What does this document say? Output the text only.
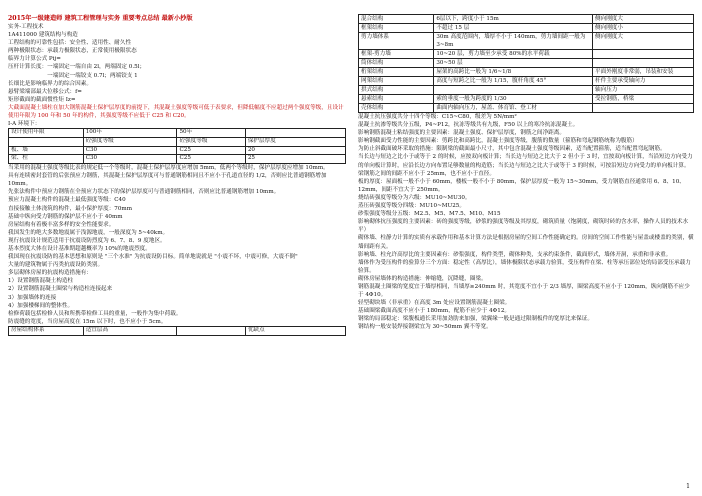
2015年一级建造师 建筑工程管理与实务 重要考点总结 最新小抄版

实务-工程技术

1A411000 建筑结构与构造

工程结构的可靠性包括：安全性、适用性、耐久性

两种极限状态：承载力极限状态，正常使用极限状态

临界力计算公式 Pij=

压杆计算长度：一端固定一端自由 2l，两端固定 0.5l；

　　　　　　　一端固定一端铰支 0.7l；两端铰支 1

长细比是影响临界力的综合因素。

悬臂梁端部最大位移公式：f=

矩形截面的截面惯性矩 Iz=

大截面混凝土墙柱在加大钢筋混凝土保护层厚度的前提下，其混凝土强度等级可低于表要求，但降低幅度不应超过两个强度等级，且设计使用年限为 100 年和 50 年的构件，其强度等级不应低于 C25 和 C20。

I-A 环境下：

设计使用年限	100年	50年	
	砼强度等级	砼强度等级	保护层厚度
板、墙	C30	C25	20
梁、柱	C30	C25	25

当采用的混凝土强度等级比表的规定低一个等级时，混凝土保护层厚度应增加 5mm，低两个等级时，保护层厚度应增加 10mm。

具有连续密封套管的后张预应力钢筋，其混凝土保护层厚度可与普通钢筋相同且不应小于孔道直径的 1/2，否则应比普通钢筋增加 10mm。

先张法构件中预应力钢筋在全预应力状态下的保护层厚度可与普通钢筋相同，否则应比普通钢筋增加 10mm。

预应力混凝土构件的混凝土最低强度等级：C40

直接接触土体浇筑的构件，最小保护厚度：70mm

基础中纵向受力钢筋的保护层不应小于 40mm

房屋结构有着极丰富多样的安全性能要求。

我国发生的绝大多数地震属于浅源地震，一般深度为 5~40km。

现行抗震设计规范适用于抗震设防烈度为 6、7、8、9 度地区。

基本烈度大体在设计基准期超越概率为 10%的地震烈度。

我国现在抗震设防的基本思想和原则是 "三个水准" 为抗震设防目标。简单地说就是 "小震不坏，中震可修，大震不倒"

大量的建筑物属于丙类抗震设防类别。

多层砌体房屋的抗震构造措施有：

1）设置钢筋混凝土构造柱

2）设置钢筋混凝土圈梁与构造柱连接起来

3）加强墙体的连接

4）加强楼梯间的整体性。

检修荷载包括检修人员和所携带检修工具的重量，一般作为集中荷载。

防震缝的宽度，当房屋高度在 15m 以下时，也不应小于 5cm。

房屋结构体系	适宜层高		优缺点
混合结构	6层以下，跨度小于 15m	侧向刚度大
框架结构	不超过 15 层	侧向刚度小
剪力墙体系	30m 高度范围内，墙厚不小于 140mm，剪力墙间距一般为 3~8m	侧向刚度大
框架-剪力墙	10~20 层，剪力墙至少承受 80%的水平荷载	
筒体结构	30~50 层	
桁架结构	屋架的高跨比一般为 1/6~1/8	平面外刚度非常弱，吊装和安装
网架结构	高度与短跨之比一般为 1/15，腹杆角度 45°	杆件主要承受轴向力
拱式结构		轴向压力
悬索结构	索的垂度一般为跨度的 1/30	受拉钢筋，桥梁
壳体结构	曲面内轴向压力，屋盖、体育馆、登工材	

混凝土抗压强度共分十四个等级：C15~C80，级差为 5N/mm²

混凝土抗渗等级共分五级，P4~P12，抗冻等级共有九级，F50 以上的寒冷抗冻混凝土。

影响钢筋混凝土粘结强度的主要因素：混凝土强度、保护层厚度，钢筋之间净距离。

影响钢截面受力性能的主要因素：剪跨比和高跨比，混凝土强度等级，腹筋的数量（箍筋和弯起钢筋统称为腹筋）

为防止斜截面破坏采取的措施：限制梁的截面最小尺寸，其中包含混凝土强度等级因素，适当配置箍筋，适当配置弯起钢筋。

当长边与短边之比小于或等于 2 的时候，应按双向板计算；当长边与短边之比大于 2 但小于 3 时，宜按双向板计算，当沿短边方向受力的单向板计算时，应沿长边方向布置足够数量的构造筋；当长边与短边之比大于或等于 3 的时候，可按沿短边方向受力的单向板计算。

梁钢筋之间的间距不应小于 25mm，也不应小于直径。

板的厚度：屋面板一般不小于 60mm，楼板一般不小于 80mm，保护层厚度一般为 15~30mm，受力钢筋直径通常用 6、8、10、12mm，间距不宜大于 250mm。

烧结砖强度等级分为六级：MU10~MU30。

蒸压砖强度等级分四级：MU10~MU25。

砂浆强度等级分五级：M2.5、M5、M7.5、M10、M15

影响砌体抗压强度的主要因素：砖的强度等级，砂浆的强度等级及其厚度，砌筑质量（饱满度，砌筑时砖的含水率，操作人员的技术水平）

砌体墙、柱静力计算的实质有承载作用和基本计算方法是根据房屋的空间工作性能确定的。房间的空间工作性能与屋盖或楼盖的类别，横墙间距有关。

影响墙、柱允许高厚比的主要因素有：砂浆强度，构件类型，砌体种类，支承约束条件，截面形式，墙体开洞，承重和非承重。

墙体作为受压构件的验算分三个方面：稳定性（高厚比），墙体极限状态承载力验算，受压构件在梁、柱等承压部位处的局部受压承载力验算。

砌体房屋墙体的构造措施：伸缩缝，沉降缝，圈梁。

钢筋混凝土圈梁的宽度宜于墙厚相同，当墙厚≥240mm 时，其宽度不宜小于 2/3 墙厚，圈梁高度不应小于 120mm，纵向钢筋不应少于 4Φ10。

轻型砌块墙（非承重）在高度 3m 处应设置钢筋混凝土圈梁。

基础圈梁截面高度不应小于 180mm，配筋不应少于 4Φ12。

钢梁的局部稳定：梁腹板通长采用加劲肋来加强，梁翼缘一般是通过限制板件的宽厚比来保证。

钢结构一般安装焊接钢梁宜为 30~50mm 翼不等宽。

1
